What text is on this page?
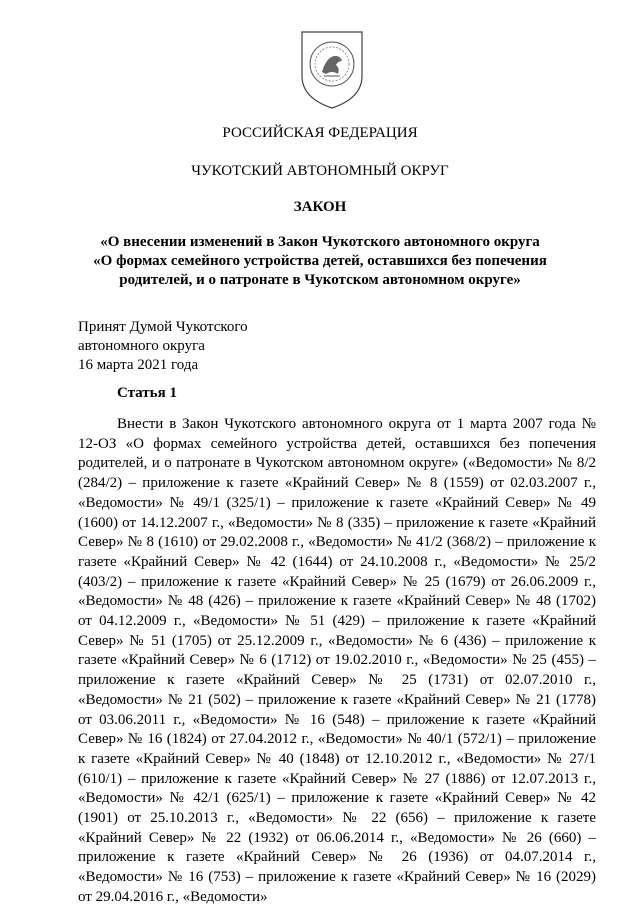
РОССИЙСКАЯ ФЕДЕРАЦИЯ

ЧУКОТСКИЙ АВТОНОМНЫЙ ОКРУГ

ЗАКОН

«О внесении изменений в Закон Чукотского автономного округа

«О формах семейного устройства детей, оставшихся без попечения

родителей, и о патронате в Чукотском автономном округе»

Принят Думой Чукотского
автономного округа
16 марта 2021 года

Статья 1

Внести в Закон Чукотского автономного округа от 1 марта 2007 года № 12-ОЗ «О формах семейного устройства детей, оставшихся без попечения родителей, и о патронате в Чукотском автономном округе» («Ведомости» № 8/2 (284/2) – приложение к газете «Крайний Север» № 8 (1559) от 02.03.2007 г., «Ведомости» № 49/1 (325/1) – приложение к газете «Крайний Север» № 49 (1600) от 14.12.2007 г., «Ведомости» № 8 (335) – приложение к газете «Крайний Север» № 8 (1610) от 29.02.2008 г., «Ведомости» № 41/2 (368/2) – приложение к газете «Крайний Север» № 42 (1644) от 24.10.2008 г., «Ведомости» № 25/2 (403/2) – приложение к газете «Крайний Север» № 25 (1679) от 26.06.2009 г., «Ведомости» № 48 (426) – приложение к газете «Крайний Север» № 48 (1702) от 04.12.2009 г., «Ведомости» № 51 (429) – приложение к газете «Крайний Север» № 51 (1705) от 25.12.2009 г., «Ведомости» № 6 (436) – приложение к газете «Крайний Север» № 6 (1712) от 19.02.2010 г., «Ведомости» № 25 (455) – приложение к газете «Крайний Север» № 25 (1731) от 02.07.2010 г., «Ведомости» № 21 (502) – приложение к газете «Крайний Север» № 21 (1778) от 03.06.2011 г., «Ведомости» № 16 (548) – приложение к газете «Крайний Север» № 16 (1824) от 27.04.2012 г., «Ведомости» № 40/1 (572/1) – приложение к газете «Крайний Север» № 40 (1848) от 12.10.2012 г., «Ведомости» № 27/1 (610/1) – приложение к газете «Крайний Север» № 27 (1886) от 12.07.2013 г., «Ведомости» № 42/1 (625/1) – приложение к газете «Крайний Север» № 42 (1901) от 25.10.2013 г., «Ведомости» № 22 (656) – приложение к газете «Крайний Север» № 22 (1932) от 06.06.2014 г., «Ведомости» № 26 (660) – приложение к газете «Крайний Север» № 26 (1936) от 04.07.2014 г., «Ведомости» № 16 (753) – приложение к газете «Крайний Север» № 16 (2029) от 29.04.2016 г., «Ведомости»
